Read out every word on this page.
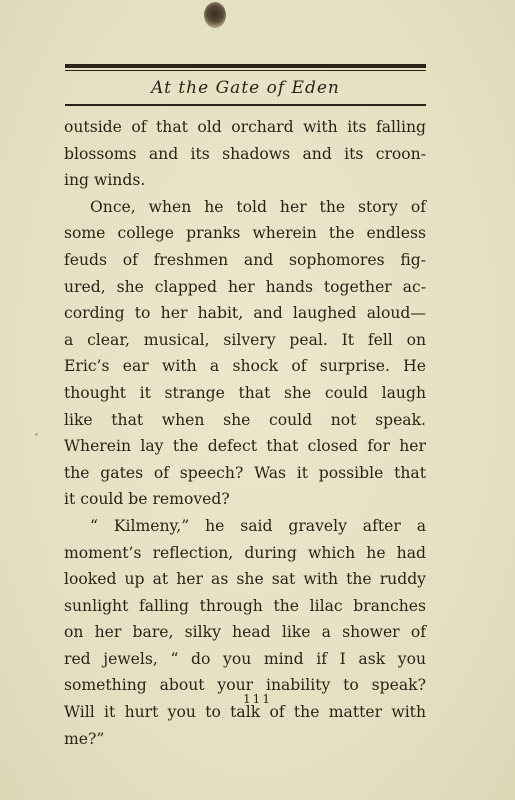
At the Gate of Eden
outside of that old orchard with its falling
blossoms and its shadows and its croon-
ing winds.
Once, when he told her the story of
some college pranks wherein the endless
feuds of freshmen and sophomores fig-
ured, she clapped her hands together ac-
cording to her habit, and laughed aloud—
a clear, musical, silvery peal. It fell on
Eric’s ear with a shock of surprise. He
thought it strange that she could laugh
like that when she could not speak.
Wherein lay the defect that closed for her
the gates of speech? Was it possible that
it could be removed?
“ Kilmeny,” he said gravely after a
moment’s reflection, during which he had
looked up at her as she sat with the ruddy
sunlight falling through the lilac branches
on her bare, silky head like a shower of
red jewels, “ do you mind if I ask you
something about your inability to speak?
Will it hurt you to talk of the matter with
me?”
111
